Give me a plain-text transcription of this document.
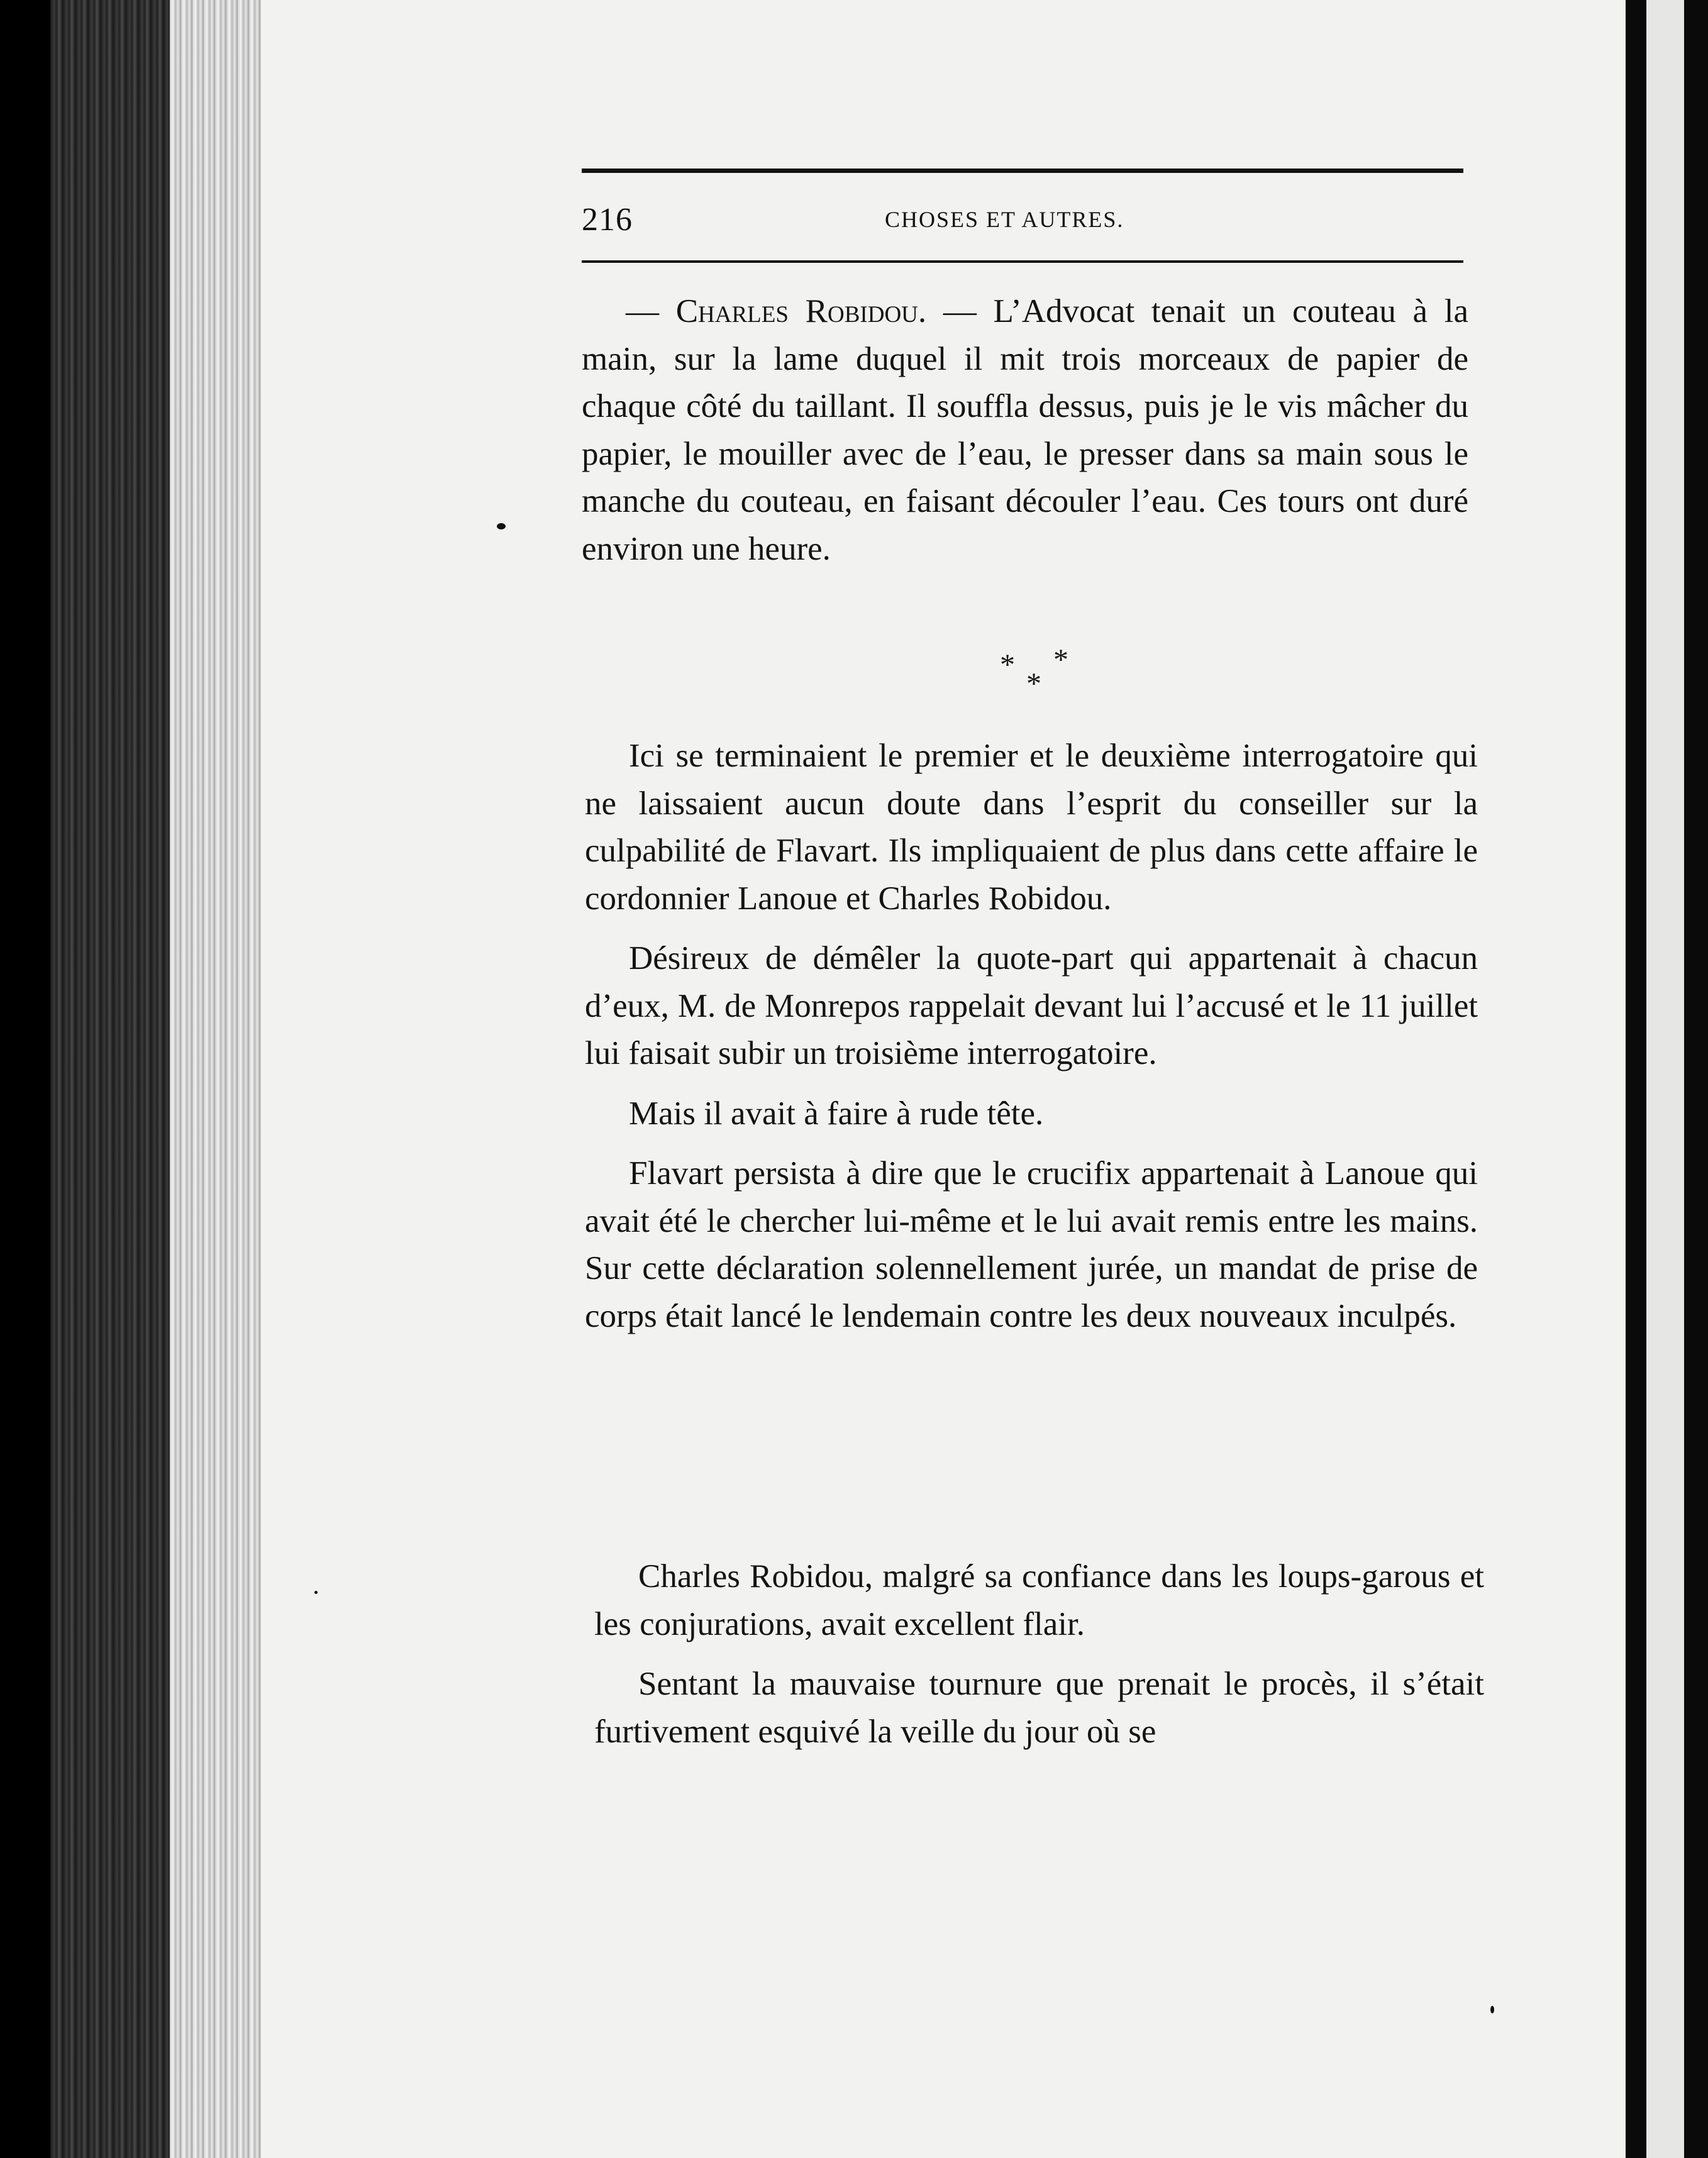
216	CHOSES ET AUTRES.

— Charles Robidou. — L’Advocat tenait un couteau à la main, sur la lame duquel il mit trois morceaux de papier de chaque côté du taillant. Il souffla dessus, puis je le vis mâcher du papier, le mouiller avec de l’eau, le presser dans sa main sous le manche du couteau, en faisant découler l’eau. Ces tours ont duré environ une heure.

* *
*

Ici se terminaient le premier et le deuxième interrogatoire qui ne laissaient aucun doute dans l’esprit du conseiller sur la culpabilité de Flavart. Ils impliquaient de plus dans cette affaire le cordonnier Lanoue et Charles Robidou.

Désireux de démêler la quote-part qui appartenait à chacun d’eux, M. de Monrepos rappelait devant lui l’accusé et le 11 juillet lui faisait subir un troisième interrogatoire.

Mais il avait à faire à rude tête.

Flavart persista à dire que le crucifix appartenait à Lanoue qui avait été le chercher lui-même et le lui avait remis entre les mains. Sur cette déclaration solennellement jurée, un mandat de prise de corps était lancé le lendemain contre les deux nouveaux inculpés.

Charles Robidou, malgré sa confiance dans les loups-garous et les conjurations, avait excellent flair.

Sentant la mauvaise tournure que prenait le procès, il s’était furtivement esquivé la veille du jour où se
